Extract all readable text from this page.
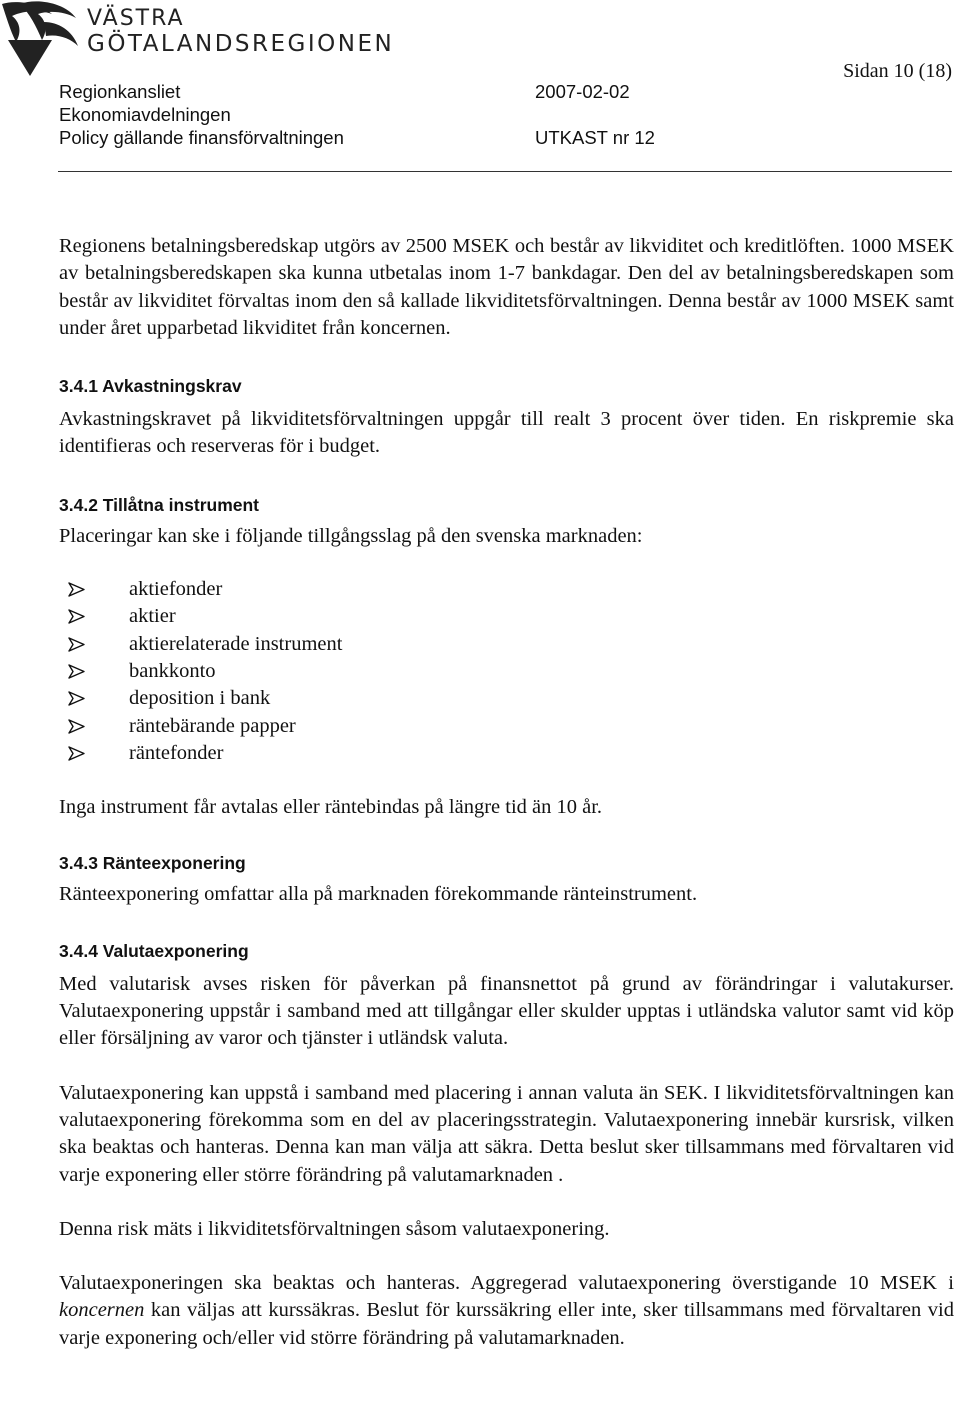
VÄSTRA
GÖTALANDSREGIONEN
Regionkansliet
Ekonomiavdelningen
Policy gällande finansförvaltningen
2007-02-02
UTKAST nr 12
Sidan 10 (18)

Regionens betalningsberedskap utgörs av 2500 MSEK och består av likviditet och kreditlöften. 1000 MSEK av betalningsberedskapen ska kunna utbetalas inom 1-7 bankdagar. Den del av betalningsberedskapen som består av likviditet förvaltas inom den så kallade likviditetsförvaltningen. Denna består av 1000 MSEK samt under året upparbetad likviditet från koncernen.

3.4.1 Avkastningskrav

Avkastningskravet på likviditetsförvaltningen uppgår till realt 3 procent över tiden. En riskpremie ska identifieras och reserveras för i budget.

3.4.2 Tillåtna instrument

Placeringar kan ske i följande tillgångsslag på den svenska marknaden:

aktiefonder
aktier
aktierelaterade instrument
bankkonto
deposition i bank
räntebärande papper
räntefonder

Inga instrument får avtalas eller räntebindas på längre tid än 10 år.

3.4.3 Ränteexponering

Ränteexponering omfattar alla på marknaden förekommande ränteinstrument.

3.4.4 Valutaexponering

Med valutarisk avses risken för påverkan på finansnettot på grund av förändringar i valutakurser. Valutaexponering uppstår i samband med att tillgångar eller skulder upptas i utländska valutor samt vid köp eller försäljning av varor och tjänster i utländsk valuta.

Valutaexponering kan uppstå i samband med placering i annan valuta än SEK. I likviditetsförvaltningen kan valutaexponering förekomma som en del av placeringsstrategin. Valutaexponering innebär kursrisk, vilken ska beaktas och hanteras. Denna kan man välja att säkra. Detta beslut sker tillsammans med förvaltaren vid varje exponering eller större förändring på valutamarknaden .

Denna risk mäts i likviditetsförvaltningen såsom valutaexponering.

Valutaexponeringen ska beaktas och hanteras. Aggregerad valutaexponering överstigande 10 MSEK i koncernen kan väljas att kurssäkras. Beslut för kurssäkring eller inte, sker tillsammans med förvaltaren vid varje exponering och/eller vid större förändring på valutamarknaden.
